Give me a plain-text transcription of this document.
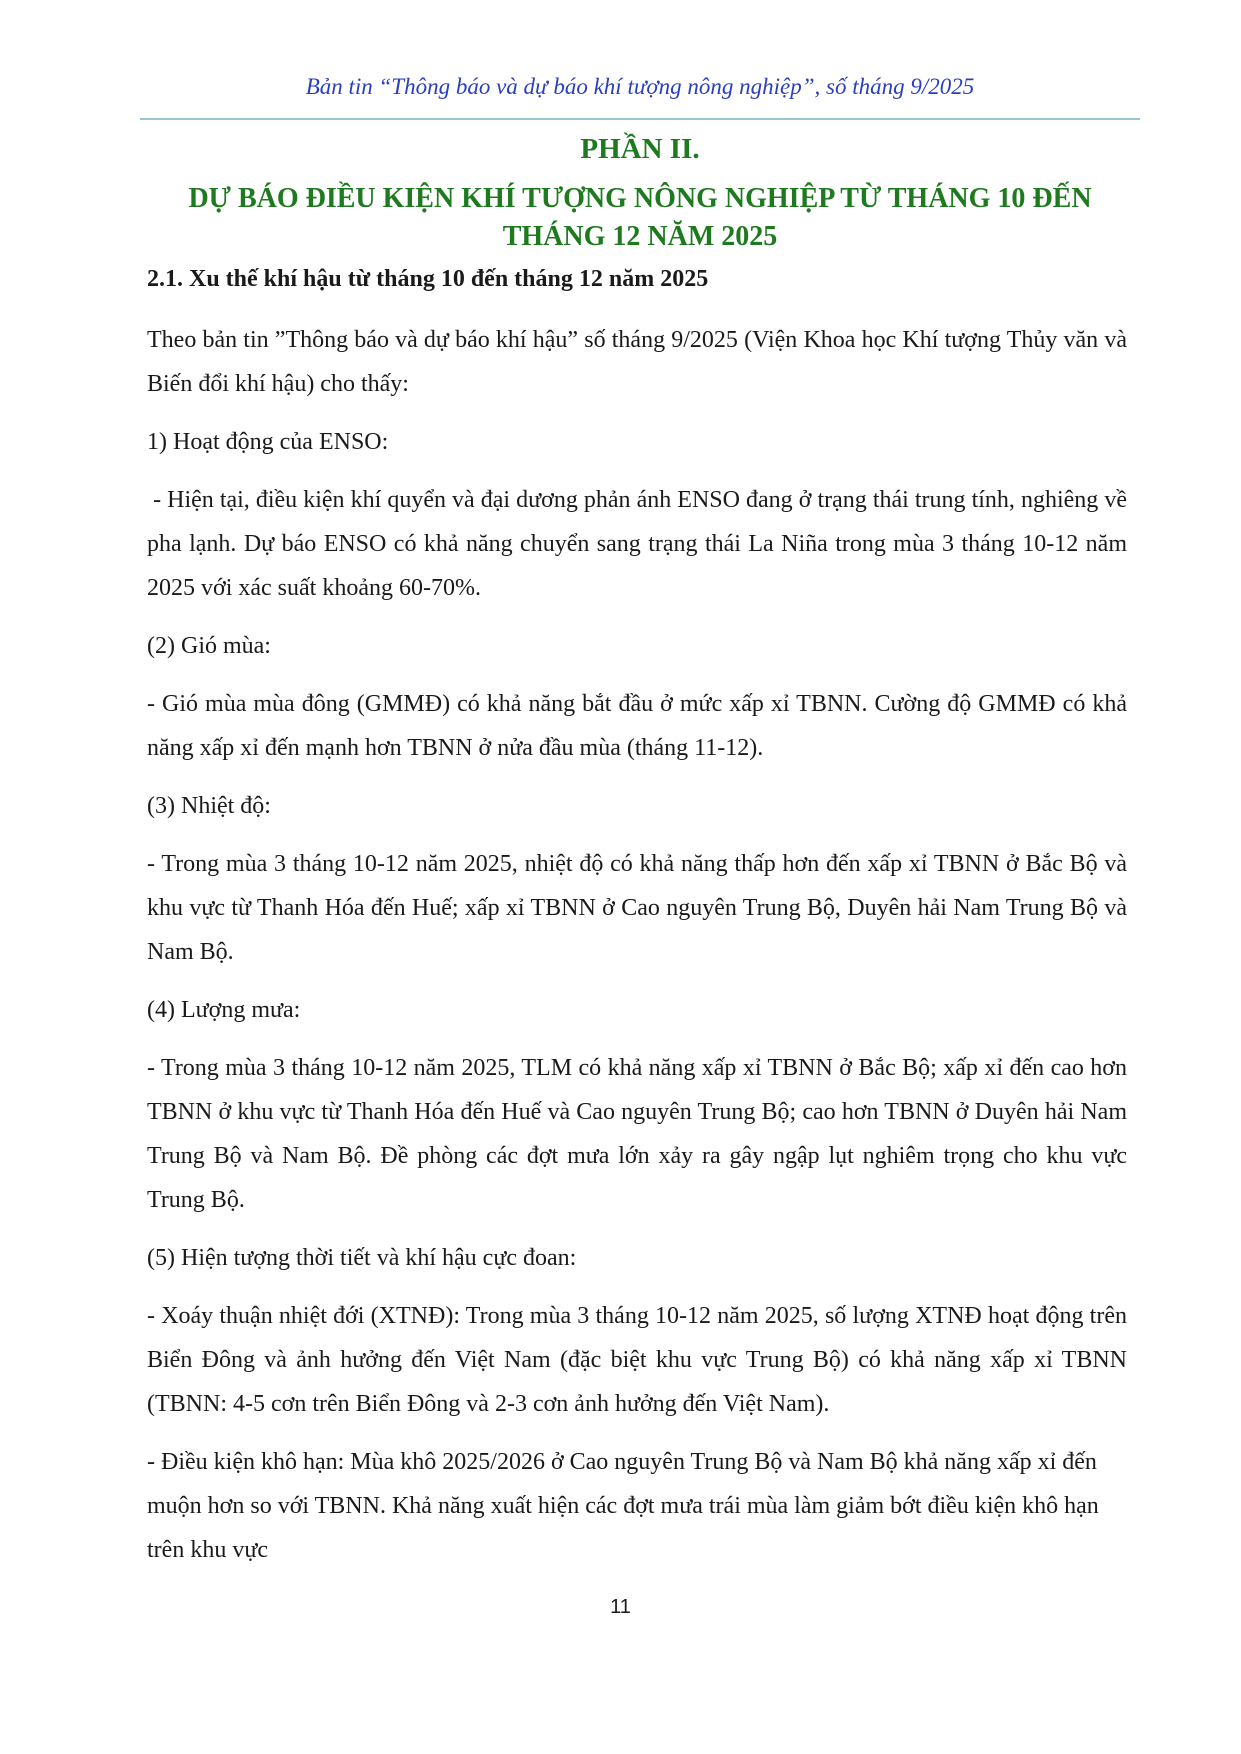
Bản tin “Thông báo và dự báo khí tượng nông nghiệp”, số tháng 9/2025
PHẦN II.
DỰ BÁO ĐIỀU KIỆN KHÍ TƯỢNG NÔNG NGHIỆP TỪ THÁNG 10 ĐẾN THÁNG 12 NĂM 2025
2.1. Xu thế khí hậu từ tháng 10 đến tháng 12 năm 2025

Theo bản tin ”Thông báo và dự báo khí hậu” số tháng 9/2025 (Viện Khoa học Khí tượng Thủy văn và Biến đổi khí hậu) cho thấy:

1) Hoạt động của ENSO:

- Hiện tại, điều kiện khí quyển và đại dương phản ánh ENSO đang ở trạng thái trung tính, nghiêng về pha lạnh. Dự báo ENSO có khả năng chuyển sang trạng thái La Niña trong mùa 3 tháng 10-12 năm 2025 với xác suất khoảng 60-70%.

(2) Gió mùa:

- Gió mùa mùa đông (GMMĐ) có khả năng bắt đầu ở mức xấp xỉ TBNN. Cường độ GMMĐ có khả năng xấp xỉ đến mạnh hơn TBNN ở nửa đầu mùa (tháng 11-12).

(3) Nhiệt độ:

- Trong mùa 3 tháng 10-12 năm 2025, nhiệt độ có khả năng thấp hơn đến xấp xỉ TBNN ở Bắc Bộ và khu vực từ Thanh Hóa đến Huế; xấp xỉ TBNN ở Cao nguyên Trung Bộ, Duyên hải Nam Trung Bộ và Nam Bộ.

(4) Lượng mưa:

- Trong mùa 3 tháng 10-12 năm 2025, TLM có khả năng xấp xỉ TBNN ở Bắc Bộ; xấp xỉ đến cao hơn TBNN ở khu vực từ Thanh Hóa đến Huế và Cao nguyên Trung Bộ; cao hơn TBNN ở Duyên hải Nam Trung Bộ và Nam Bộ. Đề phòng các đợt mưa lớn xảy ra gây ngập lụt nghiêm trọng cho khu vực Trung Bộ.

(5) Hiện tượng thời tiết và khí hậu cực đoan:

- Xoáy thuận nhiệt đới (XTNĐ): Trong mùa 3 tháng 10-12 năm 2025, số lượng XTNĐ hoạt động trên Biển Đông và ảnh hưởng đến Việt Nam (đặc biệt khu vực Trung Bộ) có khả năng xấp xỉ TBNN (TBNN: 4-5 cơn trên Biển Đông và 2-3 cơn ảnh hưởng đến Việt Nam).

- Điều kiện khô hạn: Mùa khô 2025/2026 ở Cao nguyên Trung Bộ và Nam Bộ khả năng xấp xỉ đến muộn hơn so với TBNN. Khả năng xuất hiện các đợt mưa trái mùa làm giảm bớt điều kiện khô hạn trên khu vực

11
